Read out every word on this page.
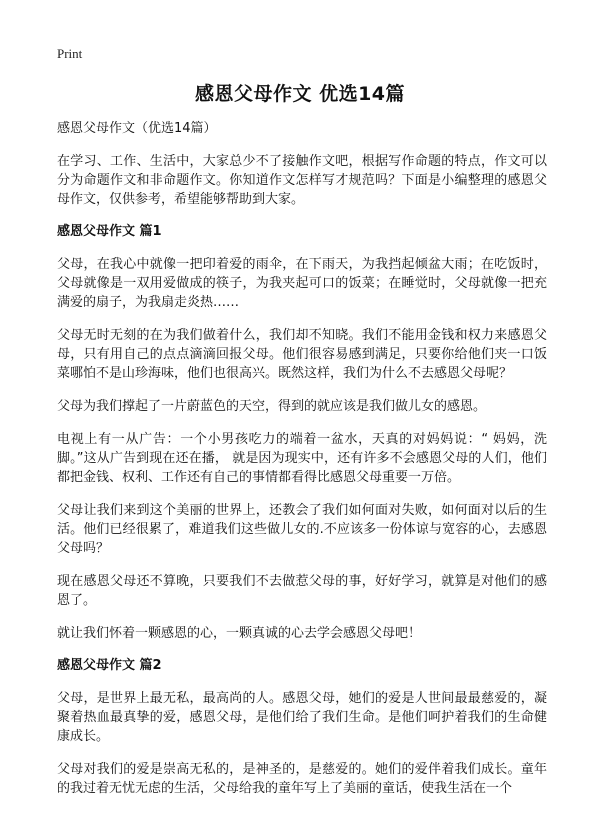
Print
感恩父母作文 优选14篇

感恩父母作文（优选14篇）

在学习、工作、生活中，大家总少不了接触作文吧，根据写作命题的特点，作文可以分为命题作文和非命题作文。你知道作文怎样写才规范吗？下面是小编整理的感恩父母作文，仅供参考，希望能够帮助到大家。

感恩父母作文 篇1

父母，在我心中就像一把印着爱的雨伞，在下雨天，为我挡起倾盆大雨；在吃饭时，父母就像是一双用爱做成的筷子，为我夹起可口的饭菜；在睡觉时，父母就像一把充满爱的扇子，为我扇走炎热……

父母无时无刻的在为我们做着什么，我们却不知晓。我们不能用金钱和权力来感恩父母，只有用自己的点点滴滴回报父母。他们很容易感到满足，只要你给他们夹一口饭菜哪怕不是山珍海味，他们也很高兴。既然这样，我们为什么不去感恩父母呢？

父母为我们撑起了一片蔚蓝色的天空，得到的就应该是我们做儿女的感恩。

电视上有一从广告：一个小男孩吃力的端着一盆水，天真的对妈妈说：“ 妈妈，洗脚。”这从广告到现在还在播， 就是因为现实中，还有许多不会感恩父母的人们，他们都把金钱、权利、工作还有自己的事情都看得比感恩父母重要一万倍。

父母让我们来到这个美丽的世界上，还教会了我们如何面对失败，如何面对以后的生活。他们已经很累了，难道我们这些做儿女的.不应该多一份体谅与宽容的心，去感恩父母吗？

现在感恩父母还不算晚，只要我们不去做惹父母的事，好好学习，就算是对他们的感恩了。

就让我们怀着一颗感恩的心，一颗真诚的心去学会感恩父母吧！

感恩父母作文 篇2

父母，是世界上最无私，最高尚的人。感恩父母，她们的爱是人世间最最慈爱的，凝聚着热血最真挚的爱，感恩父母，是他们给了我们生命。是他们呵护着我们的生命健康成长。

父母对我们的爱是崇高无私的，是神圣的，是慈爱的。她们的爱伴着我们成长。童年的我过着无忧无虑的生活，父母给我的童年写上了美丽的童话，使我生活在一个
